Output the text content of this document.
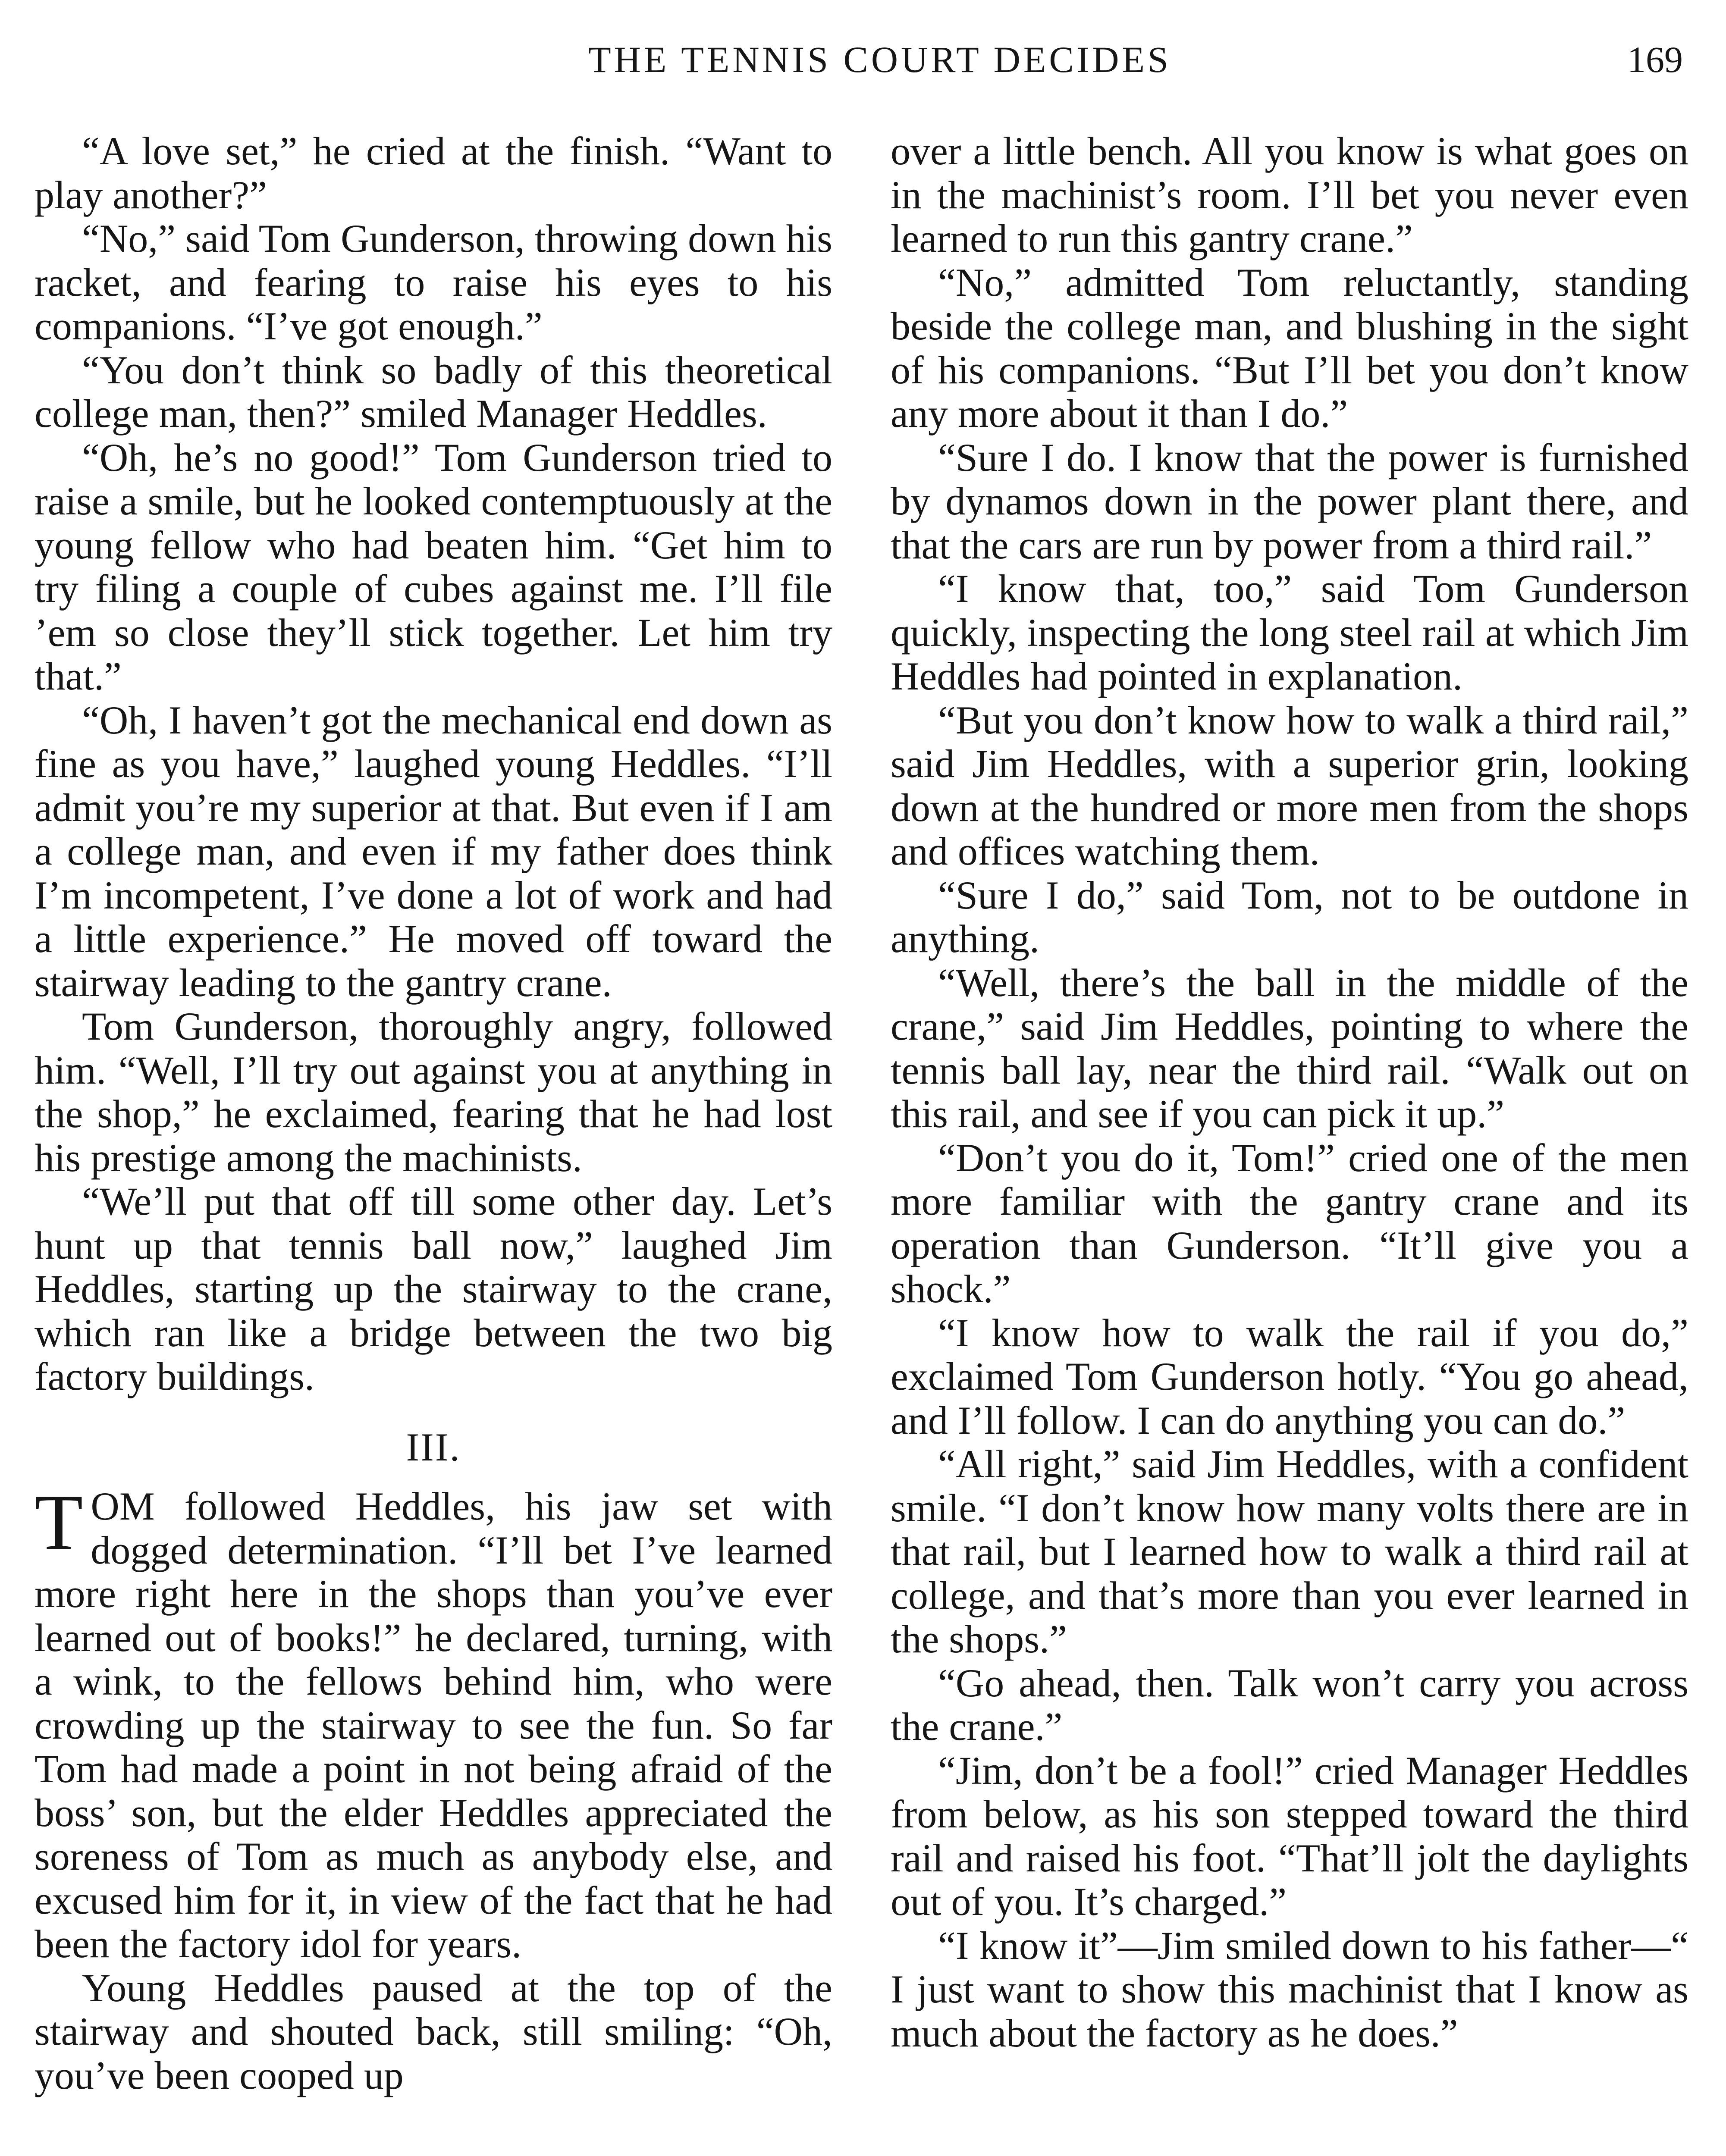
THE TENNIS COURT DECIDES	169

“A love set,” he cried at the finish. “Want to play another?”

“No,” said Tom Gunderson, throwing down his racket, and fearing to raise his eyes to his companions. “I’ve got enough.”

“You don’t think so badly of this theoretical college man, then?” smiled Manager Heddles.

“Oh, he’s no good!” Tom Gunderson tried to raise a smile, but he looked contemptuously at the young fellow who had beaten him. “Get him to try filing a couple of cubes against me. I’ll file ’em so close they’ll stick together. Let him try that.”

“Oh, I haven’t got the mechanical end down as fine as you have,” laughed young Heddles. “I’ll admit you’re my superior at that. But even if I am a college man, and even if my father does think I’m incompetent, I’ve done a lot of work and had a little experience.” He moved off toward the stairway leading to the gantry crane.

Tom Gunderson, thoroughly angry, followed him. “Well, I’ll try out against you at anything in the shop,” he exclaimed, fearing that he had lost his prestige among the machinists.

“We’ll put that off till some other day. Let’s hunt up that tennis ball now,” laughed Jim Heddles, starting up the stairway to the crane, which ran like a bridge between the two big factory buildings.

III.

TOM followed Heddles, his jaw set with dogged determination. “I’ll bet I’ve learned more right here in the shops than you’ve ever learned out of books!” he declared, turning, with a wink, to the fellows behind him, who were crowding up the stairway to see the fun. So far Tom had made a point in not being afraid of the boss’ son, but the elder Heddles appreciated the soreness of Tom as much as anybody else, and excused him for it, in view of the fact that he had been the factory idol for years.

Young Heddles paused at the top of the stairway and shouted back, still smiling: “Oh, you’ve been cooped up

over a little bench. All you know is what goes on in the machinist’s room. I’ll bet you never even learned to run this gantry crane.”

“No,” admitted Tom reluctantly, standing beside the college man, and blushing in the sight of his companions. “But I’ll bet you don’t know any more about it than I do.”

“Sure I do. I know that the power is furnished by dynamos down in the power plant there, and that the cars are run by power from a third rail.”

“I know that, too,” said Tom Gunderson quickly, inspecting the long steel rail at which Jim Heddles had pointed in explanation.

“But you don’t know how to walk a third rail,” said Jim Heddles, with a superior grin, looking down at the hundred or more men from the shops and offices watching them.

“Sure I do,” said Tom, not to be outdone in anything.

“Well, there’s the ball in the middle of the crane,” said Jim Heddles, pointing to where the tennis ball lay, near the third rail. “Walk out on this rail, and see if you can pick it up.”

“Don’t you do it, Tom!” cried one of the men more familiar with the gantry crane and its operation than Gunderson. “It’ll give you a shock.”

“I know how to walk the rail if you do,” exclaimed Tom Gunderson hotly. “You go ahead, and I’ll follow. I can do anything you can do.”

“All right,” said Jim Heddles, with a confident smile. “I don’t know how many volts there are in that rail, but I learned how to walk a third rail at college, and that’s more than you ever learned in the shops.”

“Go ahead, then. Talk won’t carry you across the crane.”

“Jim, don’t be a fool!” cried Manager Heddles from below, as his son stepped toward the third rail and raised his foot. “That’ll jolt the daylights out of you. It’s charged.”

“I know it”—Jim smiled down to his father—“ I just want to show this machinist that I know as much about the factory as he does.”
